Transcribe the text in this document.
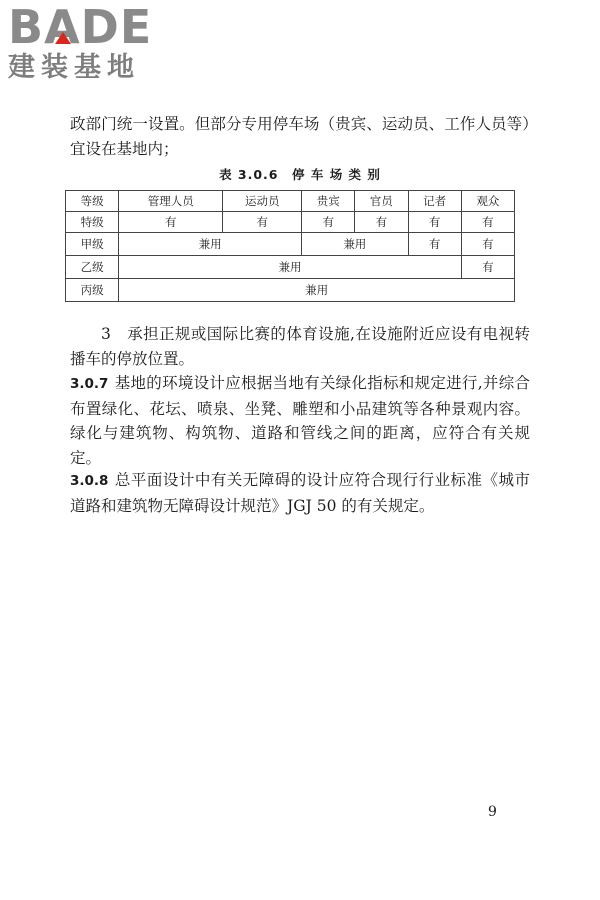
BADE
建装基地

政部门统一设置。但部分专用停车场（贵宾、运动员、工作人员等）宜设在基地内；

表 3.0.6　停 车 场 类 别
等级	管理人员	运动员	贵宾	官员	记者	观众
特级	有	有	有	有	有	有
甲级	兼用		兼用		有	有
乙级	兼用					有
丙级	兼用					

3　承担正规或国际比赛的体育设施,在设施附近应设有电视转播车的停放位置。

3.0.7 基地的环境设计应根据当地有关绿化指标和规定进行,并综合布置绿化、花坛、喷泉、坐凳、雕塑和小品建筑等各种景观内容。绿化与建筑物、构筑物、道路和管线之间的距离，应符合有关规定。

3.0.8 总平面设计中有关无障碍的设计应符合现行行业标准《城市道路和建筑物无障碍设计规范》JGJ 50 的有关规定。

9
